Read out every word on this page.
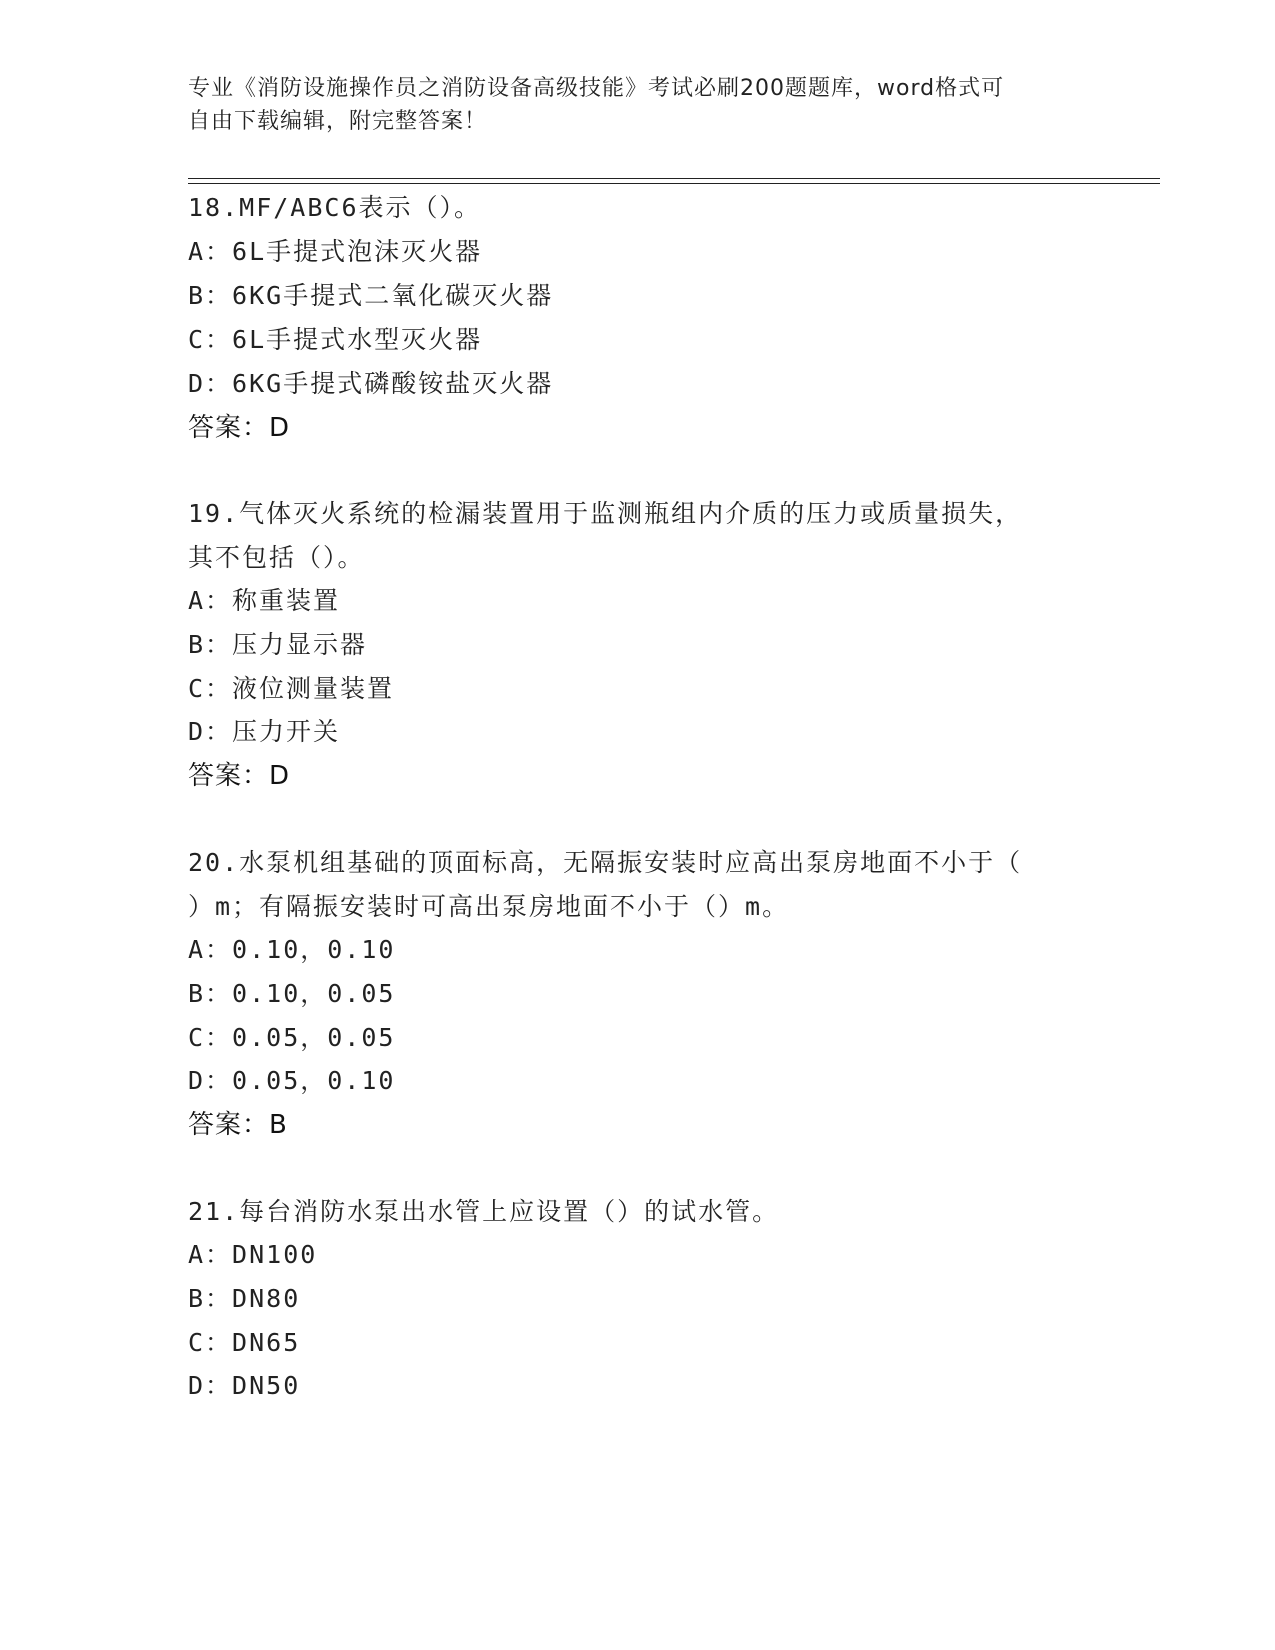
专业《消防设施操作员之消防设备高级技能》考试必刷200题题库，word格式可
自由下载编辑，附完整答案！
18.MF/ABC6表示（）。
A：6L手提式泡沫灭火器
B：6KG手提式二氧化碳灭火器
C：6L手提式水型灭火器
D：6KG手提式磷酸铵盐灭火器
答案：D
19.气体灭火系统的检漏装置用于监测瓶组内介质的压力或质量损失，
其不包括（）。
A：称重装置
B：压力显示器
C：液位测量装置
D：压力开关
答案：D
20.水泵机组基础的顶面标高，无隔振安装时应高出泵房地面不小于（
）m；有隔振安装时可高出泵房地面不小于（）m。
A：0.10，0.10
B：0.10，0.05
C：0.05，0.05
D：0.05，0.10
答案：B
21.每台消防水泵出水管上应设置（）的试水管。
A：DN100
B：DN80
C：DN65
D：DN50
